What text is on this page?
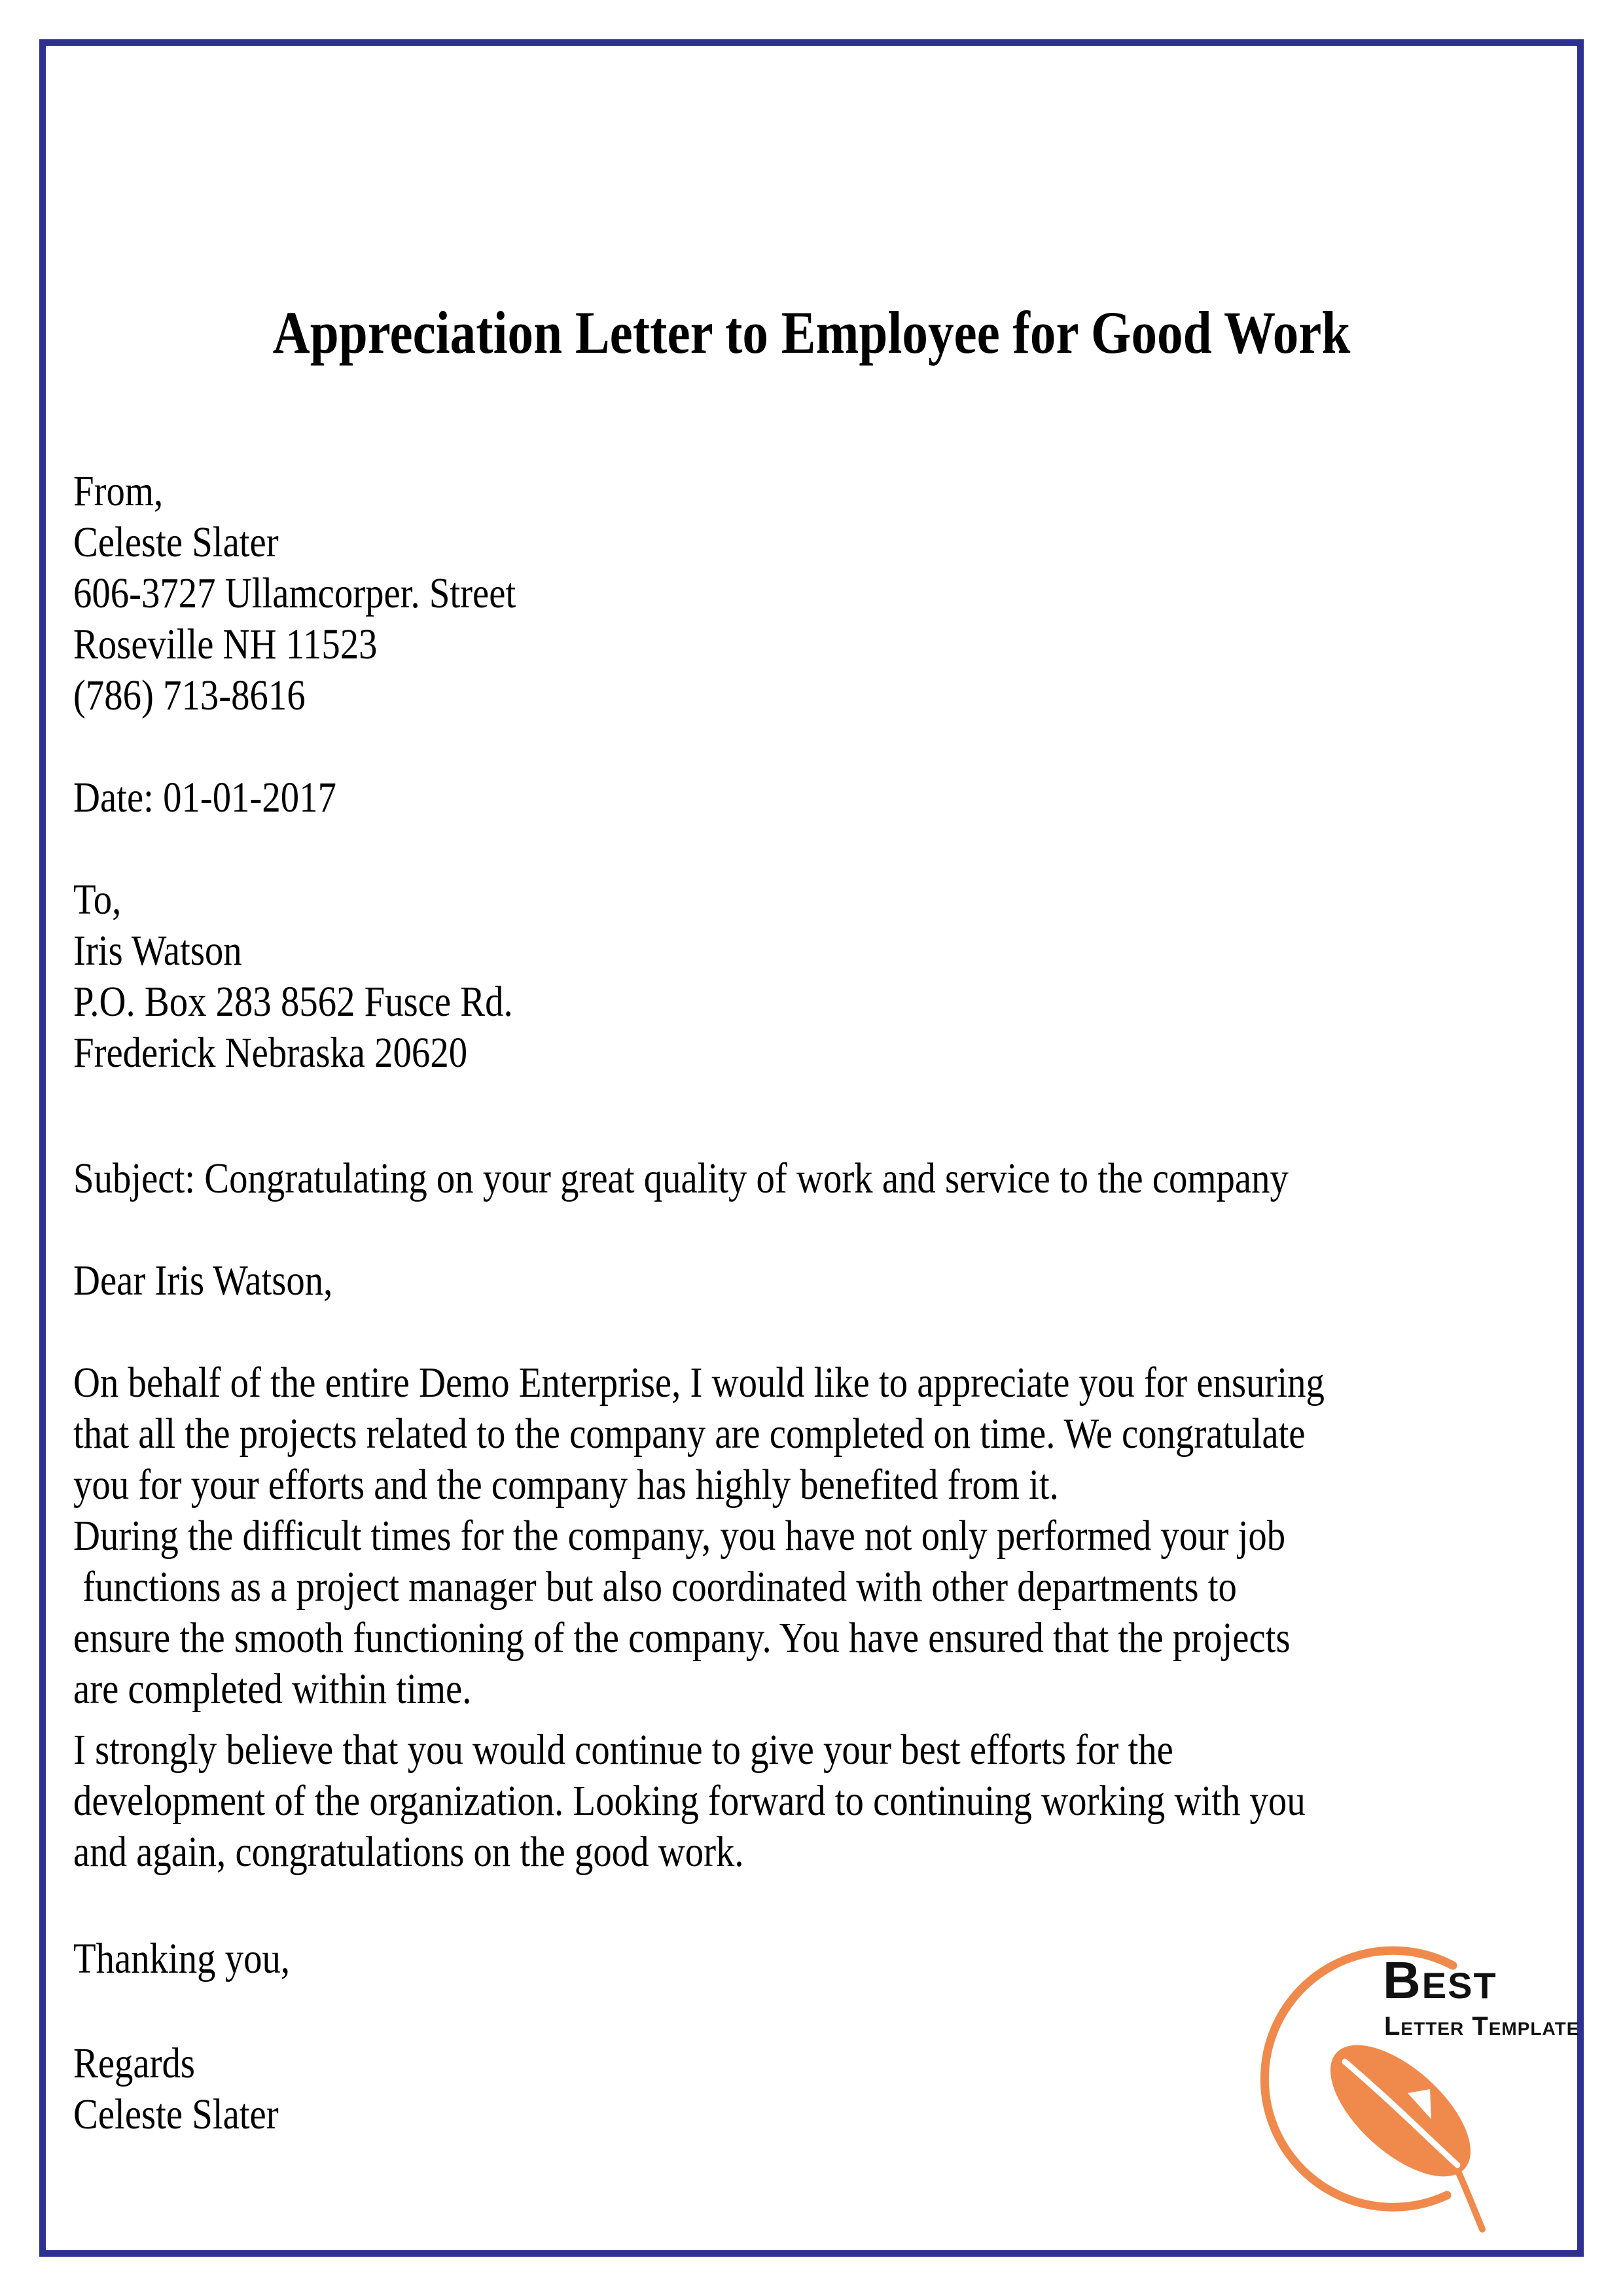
Appreciation Letter to Employee for Good Work

From,
Celeste Slater
606-3727 Ullamcorper. Street
Roseville NH 11523
(786) 713-8616

Date: 01-01-2017

To,
Iris Watson
P.O. Box 283 8562 Fusce Rd.
Frederick Nebraska 20620

Subject: Congratulating on your great quality of work and service to the company

Dear Iris Watson,

On behalf of the entire Demo Enterprise, I would like to appreciate you for ensuring
that all the projects related to the company are completed on time. We congratulate
you for your efforts and the company has highly benefited from it.

During the difficult times for the company, you have not only performed your job
functions as a project manager but also coordinated with other departments to
ensure the smooth functioning of the company. You have ensured that the projects
are completed within time.

I strongly believe that you would continue to give your best efforts for the
development of the organization. Looking forward to continuing working with you
and again, congratulations on the good work.

Thanking you,

Regards
Celeste Slater

Best
Letter Template
